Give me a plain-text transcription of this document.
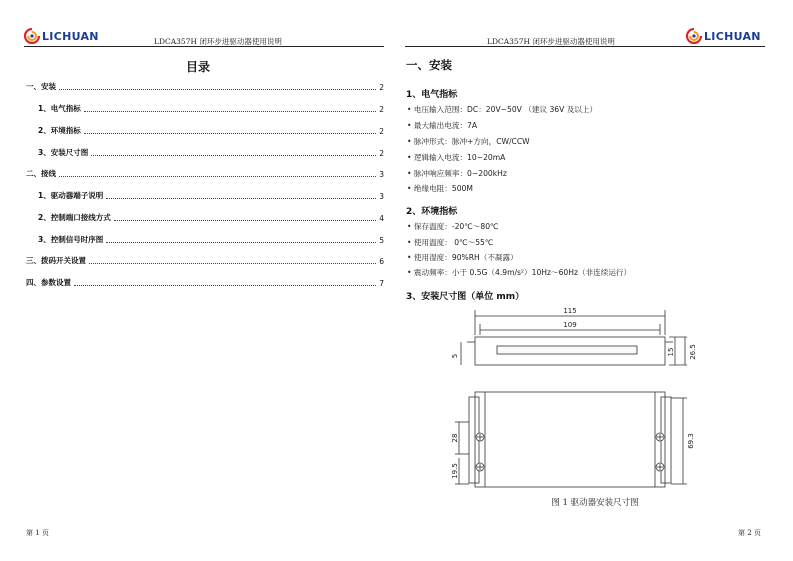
LICHUAN	LDCA357H 闭环步进驱动器使用说明
目录
一、安装	2
1、电气指标	2
2、环境指标	2
3、安装尺寸图	2
二、接线	3
1、驱动器端子说明	3
2、控制端口接线方式	4
3、控制信号时序图	5
三、拨码开关设置	6
四、参数设置	7
第 1 页
LDCA357H 闭环步进驱动器使用说明	LICHUAN
一、安装
1、电气指标
• 电压输入范围：DC：20V~50V （建议 36V 及以上）
• 最大输出电流：7A
• 脉冲形式：脉冲+方向，CW/CCW
• 逻辑输入电流：10~20mA
• 脉冲响应频率：0~200kHz
• 绝缘电阻：500M
2、环境指标
• 保存温度：-20℃～80℃
• 使用温度： 0℃～55℃
• 使用湿度：90%RH（不凝露）
• 震动频率：小于 0.5G（4.9m/s²）10Hz～60Hz（非连续运行）
3、安装尺寸图（单位 mm）
115
109
5	15 26.5
28
19.5
69.3
图 1 驱动器安装尺寸图
第 2 页
